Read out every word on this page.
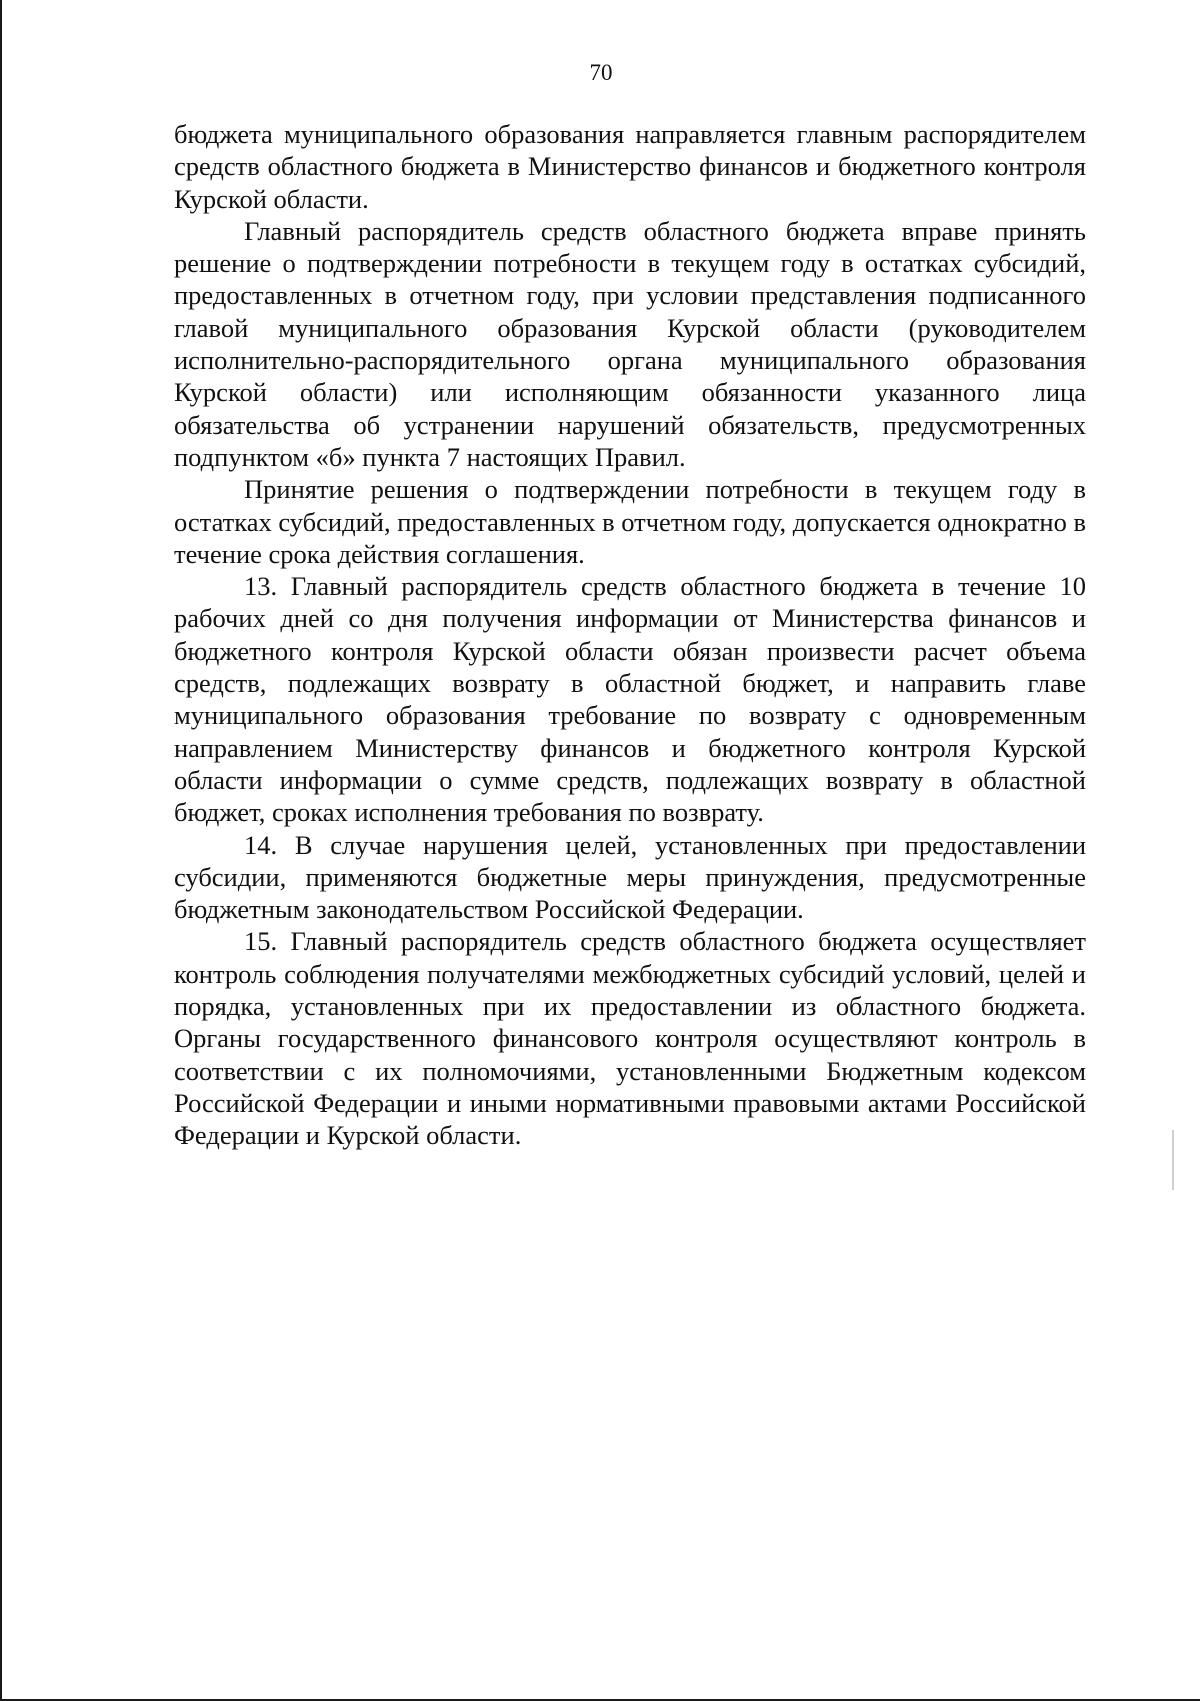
70

бюджета муниципального образования направляется главным распорядителем средств областного бюджета в Министерство финансов и бюджетного контроля Курской области.

Главный распорядитель средств областного бюджета вправе принять решение о подтверждении потребности в текущем году в остатках субсидий, предоставленных в отчетном году, при условии представления подписанного главой муниципального образования Курской области (руководителем исполнительно-распорядительного органа муниципального образования Курской области) или исполняющим обязанности указанного лица обязательства об устранении нарушений обязательств, предусмотренных подпунктом «б» пункта 7 настоящих Правил.

Принятие решения о подтверждении потребности в текущем году в остатках субсидий, предоставленных в отчетном году, допускается однократно в течение срока действия соглашения.

13. Главный распорядитель средств областного бюджета в течение 10 рабочих дней со дня получения информации от Министерства финансов и бюджетного контроля Курской области обязан произвести расчет объема средств, подлежащих возврату в областной бюджет, и направить главе муниципального образования требование по возврату с одновременным направлением Министерству финансов и бюджетного контроля Курской области информации о сумме средств, подлежащих возврату в областной бюджет, сроках исполнения требования по возврату.

14. В случае нарушения целей, установленных при предоставлении субсидии, применяются бюджетные меры принуждения, предусмотренные бюджетным законодательством Российской Федерации.

15. Главный распорядитель средств областного бюджета осуществляет контроль соблюдения получателями межбюджетных субсидий условий, целей и порядка, установленных при их предоставлении из областного бюджета. Органы государственного финансового контроля осуществляют контроль в соответствии с их полномочиями, установленными Бюджетным кодексом Российской Федерации и иными нормативными правовыми актами Российской Федерации и Курской области.
